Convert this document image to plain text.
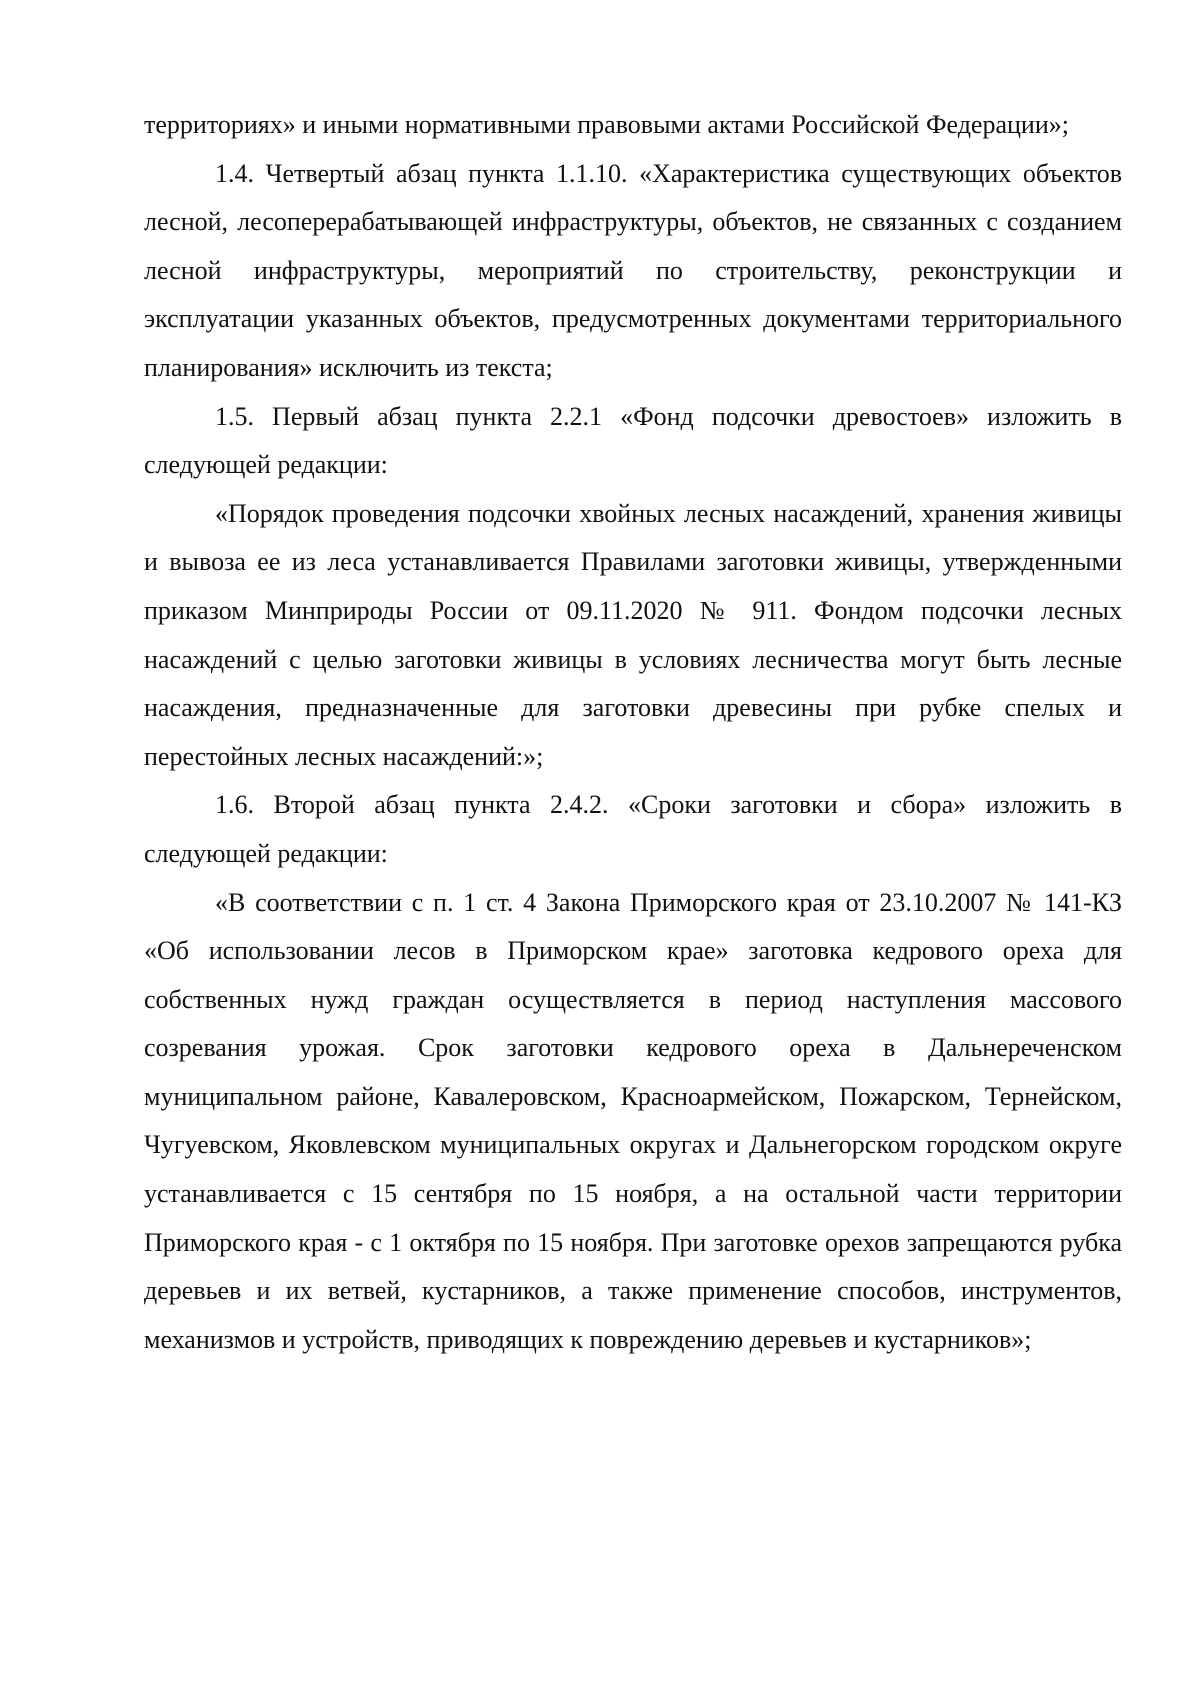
территориях» и иными нормативными правовыми актами Российской Федерации»;

1.4. Четвертый абзац пункта 1.1.10. «Характеристика существующих объектов лесной, лесоперерабатывающей инфраструктуры, объектов, не связанных с созданием лесной инфраструктуры, мероприятий по строительству, реконструкции и эксплуатации указанных объектов, предусмотренных документами территориального планирования» исключить из текста;

1.5. Первый абзац пункта 2.2.1 «Фонд подсочки древостоев» изложить в следующей редакции:

«Порядок проведения подсочки хвойных лесных насаждений, хранения живицы и вывоза ее из леса устанавливается Правилами заготовки живицы, утвержденными приказом Минприроды России от 09.11.2020 № 911. Фондом подсочки лесных насаждений с целью заготовки живицы в условиях лесничества могут быть лесные насаждения, предназначенные для заготовки древесины при рубке спелых и перестойных лесных насаждений:»;

1.6. Второй абзац пункта 2.4.2. «Сроки заготовки и сбора» изложить в следующей редакции:

«В соответствии с п. 1 ст. 4 Закона Приморского края от 23.10.2007 № 141-КЗ «Об использовании лесов в Приморском крае» заготовка кедрового ореха для собственных нужд граждан осуществляется в период наступления массового созревания урожая. Срок заготовки кедрового ореха в Дальнереченском муниципальном районе, Кавалеровском, Красноармейском, Пожарском, Тернейском, Чугуевском, Яковлевском муниципальных округах и Дальнегорском городском округе устанавливается с 15 сентября по 15 ноября, а на остальной части территории Приморского края - с 1 октября по 15 ноября. При заготовке орехов запрещаются рубка деревьев и их ветвей, кустарников, а также применение способов, инструментов, механизмов и устройств, приводящих к повреждению деревьев и кустарников»;
